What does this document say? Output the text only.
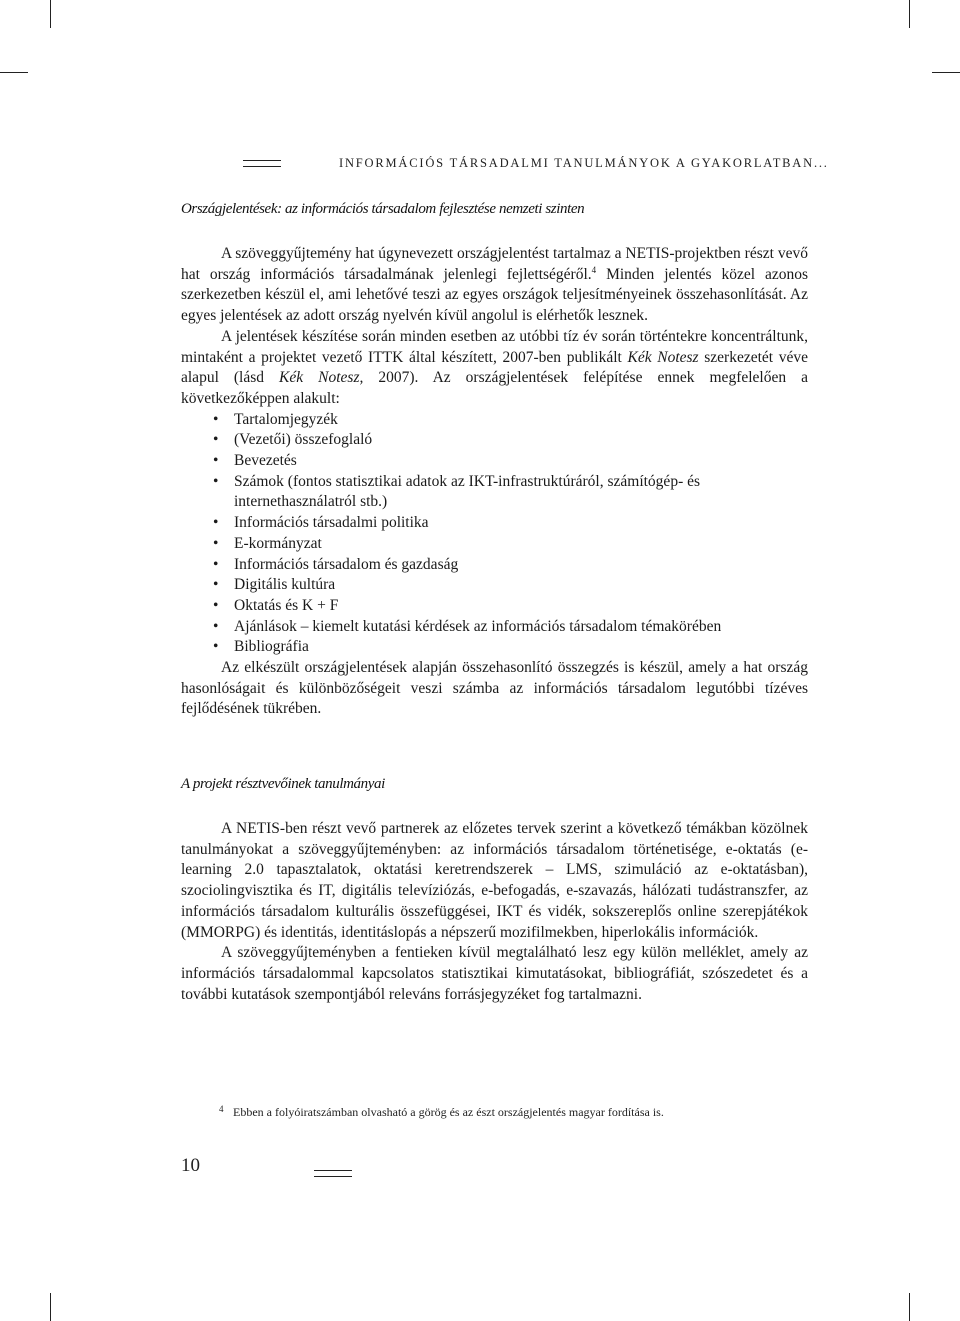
INFORMÁCIÓS TÁRSADALMI TANULMÁNYOK A GYAKORLATBAN...
Országjelentések: az információs társadalom fejlesztése nemzeti szinten

A szöveggyűjtemény hat úgynevezett országjelentést tartalmaz a NETIS-projektben részt vevő hat ország információs társadalmának jelenlegi fejlettségéről.$^4$ Minden jelentés közel azonos szerkezetben készül el, ami lehetővé teszi az egyes országok teljesítményeinek összehasonlítását. Az egyes jelentések az adott ország nyelvén kívül angolul is elérhetők lesznek.

A jelentések készítése során minden esetben az utóbbi tíz év során történtekre koncentráltunk, mintaként a projektet vezető ITTK által készített, 2007-ben publikált Kék Notesz szerkezetét véve alapul (lásd Kék Notesz, 2007). Az országjelentések felépítése ennek megfelelően a következőképpen alakult:

• Tartalomjegyzék
• (Vezetői) összefoglaló
• Bevezetés
• Számok (fontos statisztikai adatok az IKT-infrastruktúráról, számítógép- és internethasználatról stb.)
• Információs társadalmi politika
• E-kormányzat
• Információs társadalom és gazdaság
• Digitális kultúra
• Oktatás és K + F
• Ajánlások – kiemelt kutatási kérdések az információs társadalom témakörében
• Bibliográfia

Az elkészült országjelentések alapján összehasonlító összegzés is készül, amely a hat ország hasonlóságait és különbözőségeit veszi számba az információs társadalom legutóbbi tízéves fejlődésének tükrében.

A projekt résztvevőinek tanulmányai

A NETIS-ben részt vevő partnerek az előzetes tervek szerint a következő témákban közölnek tanulmányokat a szöveggyűjteményben: az információs társadalom történetisége, e-oktatás (e-learning 2.0 tapasztalatok, oktatási keretrendszerek – LMS, szimuláció az e-oktatásban), szociolingvisztika és IT, digitális televíziózás, e-befogadás, e-szavazás, hálózati tudástranszfer, az információs társadalom kulturális összefüggései, IKT és vidék, sokszereplős online szerepjátékok (MMORPG) és identitás, identitáslopás a népszerű mozifilmekben, hiperlokális információk.

A szöveggyűjteményben a fentieken kívül megtalálható lesz egy külön melléklet, amely az információs társadalommal kapcsolatos statisztikai kimutatásokat, bibliográfiát, szószedetet és a további kutatások szempontjából releváns forrásjegyzéket fog tartalmazni.

4 Ebben a folyóiratszámban olvasható a görög és az észt országjelentés magyar fordítása is.
10
